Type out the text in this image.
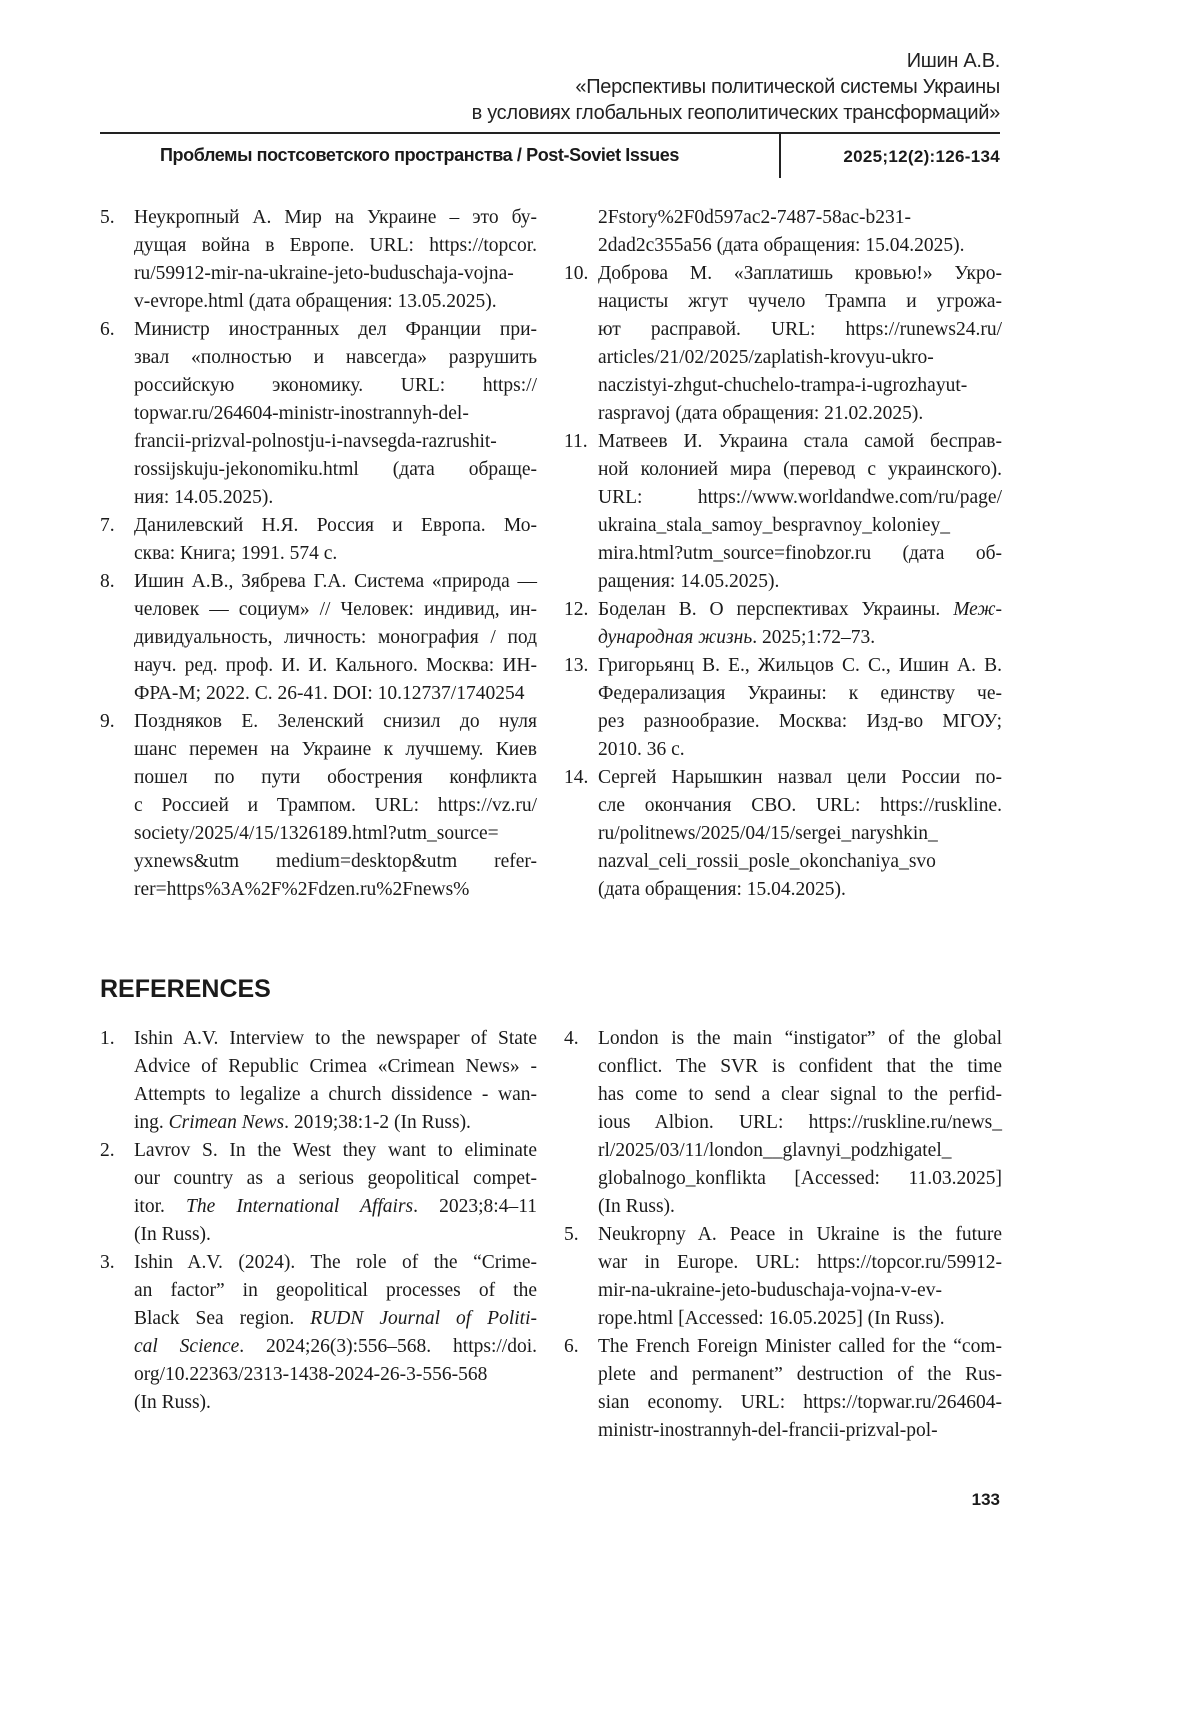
Ишин А.В.
«Перспективы политической системы Украины
в условиях глобальных геополитических трансформаций»
Проблемы постсоветского пространства / Post-Soviet Issues	2025;12(2):126-134
5. Неукропный А. Мир на Украине – это бу-
дущая война в Европе. URL: https://topcor.
ru/59912-mir-na-ukraine-jeto-buduschaja-vojna-
v-evrope.html (дата обращения: 13.05.2025).
6. Министр иностранных дел Франции при-
звал «полностью и навсегда» разрушить
российскую экономику. URL: https://
topwar.ru/264604-ministr-inostrannyh-del-
francii-prizval-polnostju-i-navsegda-razrushit-
rossijskuju-jekonomiku.html (дата обраще-
ния: 14.05.2025).
7. Данилевский Н.Я. Россия и Европа. Мо-
сква: Книга; 1991. 574 с.
8. Ишин А.В., Зябрева Г.А. Система «природа —
человек — социум» // Человек: индивид, ин-
дивидуальность, личность: монография / под
науч. ред. проф. И. И. Кального. Москва: ИН-
ФРА-М; 2022. С. 26-41. DOI: 10.12737/1740254
9. Поздняков Е. Зеленский снизил до нуля
шанс перемен на Украине к лучшему. Киев
пошел по пути обострения конфликта
с Россией и Трампом. URL: https://vz.ru/
society/2025/4/15/1326189.html?utm_source=
yxnews&utm medium=desktop&utm refer-
rer=https%3A%2F%2Fdzen.ru%2Fnews%
2Fstory%2F0d597ac2-7487-58ac-b231-
2dad2c355a56 (дата обращения: 15.04.2025).
10. Доброва М. «Заплатишь кровью!» Укро-
нацисты жгут чучело Трампа и угрожа-
ют расправой. URL: https://runews24.ru/
articles/21/02/2025/zaplatish-krovyu-ukro-
naczistyi-zhgut-chuchelo-trampa-i-ugrozhayut-
raspravoj (дата обращения: 21.02.2025).
11. Матвеев И. Украина стала самой бесправ-
ной колонией мира (перевод с украинского).
URL: https://www.worldandwe.com/ru/page/
ukraina_stala_samoy_bespravnoy_koloniey_
mira.html?utm_source=finobzor.ru (дата об-
ращения: 14.05.2025).
12. Боделан В. О перспективах Украины. Меж-
дународная жизнь. 2025;1:72–73.
13. Григорьянц В. Е., Жильцов С. С., Ишин А. В.
Федерализация Украины: к единству че-
рез разнообразие. Москва: Изд-во МГОУ;
2010. 36 с.
14. Сергей Нарышкин назвал цели России по-
сле окончания СВО. URL: https://ruskline.
ru/politnews/2025/04/15/sergei_naryshkin_
nazval_celi_rossii_posle_okonchaniya_svo
(дата обращения: 15.04.2025).
REFERENCES
1. Ishin A.V. Interview to the newspaper of State
Advice of Republic Crimea «Crimean News» -
Attempts to legalize a church dissidence - wan-
ing. Crimean News. 2019;38:1-2 (In Russ).
2. Lavrov S. In the West they want to eliminate
our country as a serious geopolitical compet-
itor. The International Affairs. 2023;8:4–11
(In Russ).
3. Ishin A.V. (2024). The role of the “Crime-
an factor” in geopolitical processes of the
Black Sea region. RUDN Journal of Politi-
cal Science. 2024;26(3):556–568. https://doi.
org/10.22363/2313-1438-2024-26-3-556-568
(In Russ).
4. London is the main “instigator” of the global
conflict. The SVR is confident that the time
has come to send a clear signal to the perfid-
ious Albion. URL: https://ruskline.ru/news_
rl/2025/03/11/london__glavnyi_podzhigatel_
globalnogo_konflikta [Accessed: 11.03.2025]
(In Russ).
5. Neukropny A. Peace in Ukraine is the future
war in Europe. URL: https://topcor.ru/59912-
mir-na-ukraine-jeto-buduschaja-vojna-v-ev-
rope.html [Accessed: 16.05.2025] (In Russ).
6. The French Foreign Minister called for the “com-
plete and permanent” destruction of the Rus-
sian economy. URL: https://topwar.ru/264604-
ministr-inostrannyh-del-francii-prizval-pol-
133
